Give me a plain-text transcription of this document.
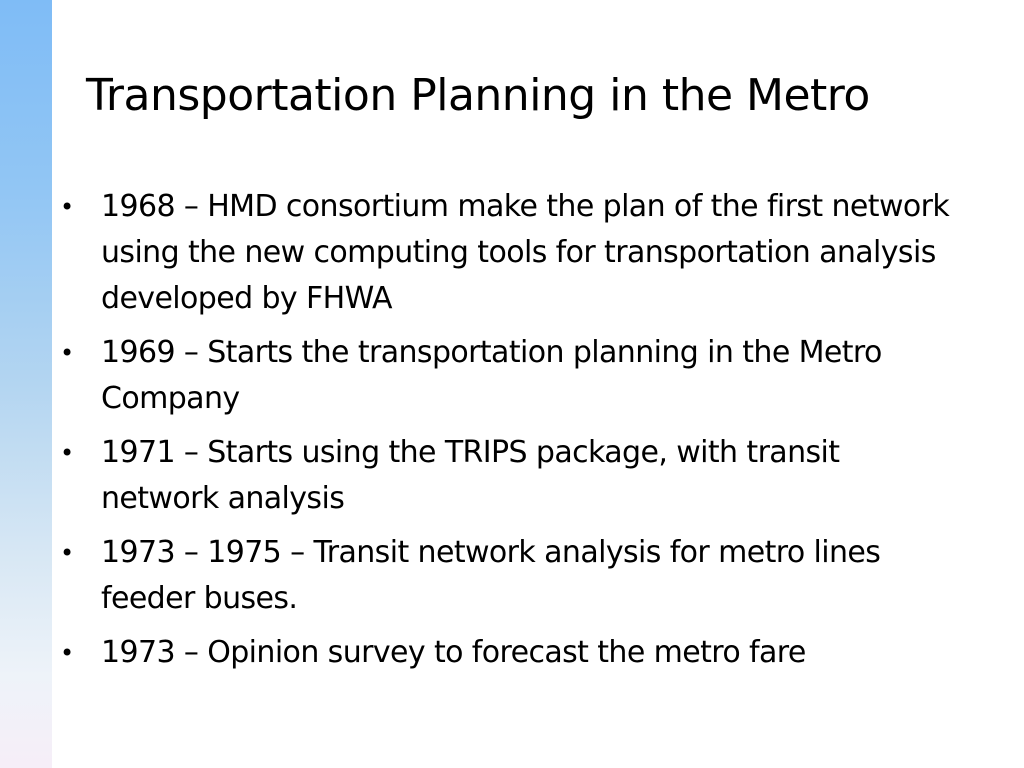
Transportation Planning in the Metro
• 1968 – HMD consortium make the plan of the first network using the new computing tools for transportation analysis developed by FHWA
• 1969 – Starts the transportation planning in the Metro Company
• 1971 – Starts using the TRIPS package, with transit network analysis
• 1973 – 1975 – Transit network analysis for metro lines feeder buses.
• 1973 – Opinion survey to forecast the metro fare
